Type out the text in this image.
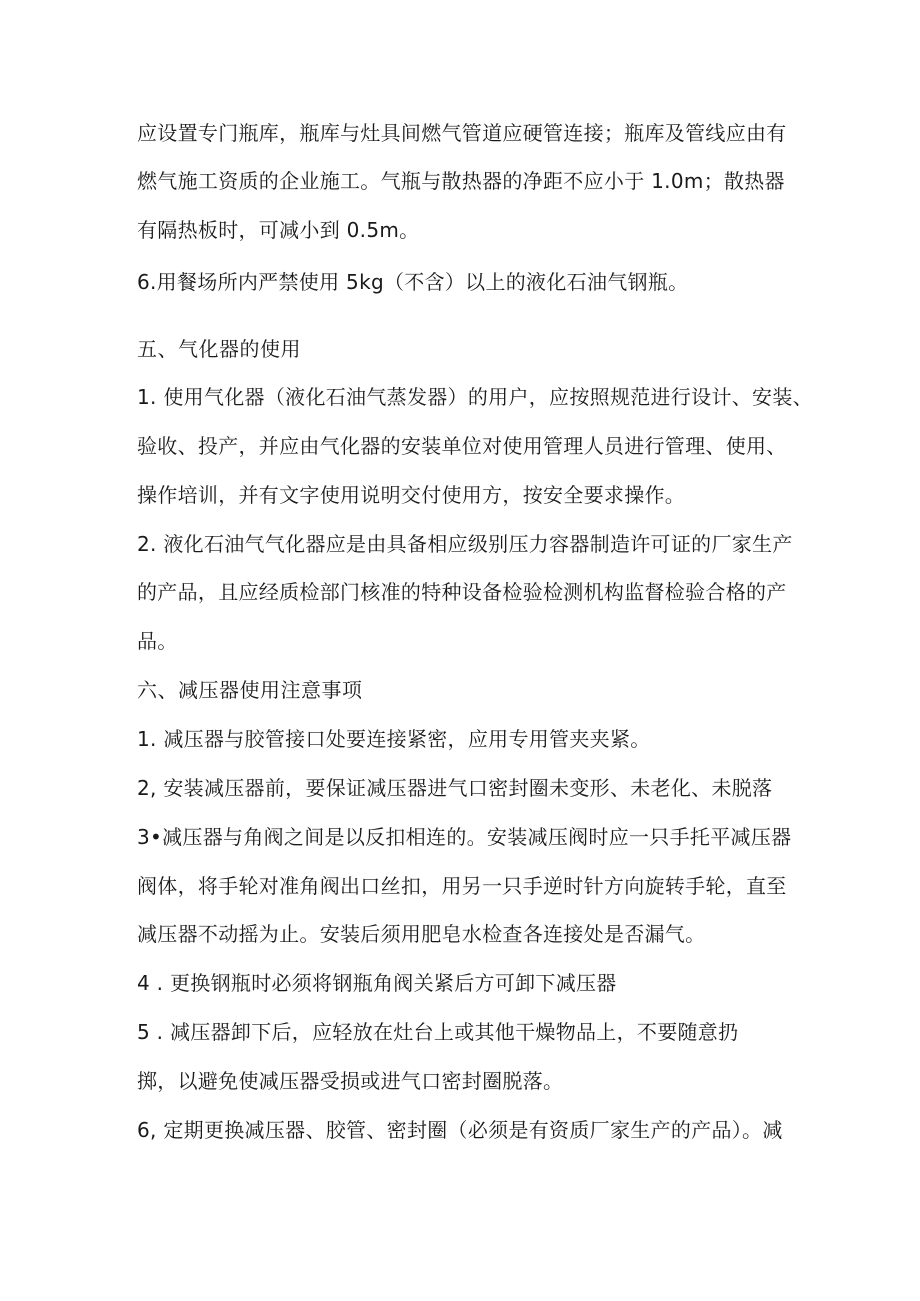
应设置专门瓶库，瓶库与灶具间燃气管道应硬管连接；瓶库及管线应由有
燃气施工资质的企业施工。气瓶与散热器的净距不应小于 1.0m；散热器
有隔热板时，可减小到 0.5m。
6.用餐场所内严禁使用 5kg（不含）以上的液化石油气钢瓶。
五、气化器的使用
1. 使用气化器（液化石油气蒸发器）的用户，应按照规范进行设计、安装、
验收、投产，并应由气化器的安装单位对使用管理人员进行管理、使用、
操作培训，并有文字使用说明交付使用方，按安全要求操作。
2. 液化石油气气化器应是由具备相应级别压力容器制造许可证的厂家生产
的产品，且应经质检部门核准的特种设备检验检测机构监督检验合格的产
品。
六、减压器使用注意事项
1. 减压器与胶管接口处要连接紧密，应用专用管夹夹紧。
2, 安装减压器前，要保证减压器进气口密封圈未变形、未老化、未脱落
3•减压器与角阀之间是以反扣相连的。安装减压阀时应一只手托平减压器
阀体，将手轮对准角阀出口丝扣，用另一只手逆时针方向旋转手轮，直至
减压器不动摇为止。安装后须用肥皂水检查各连接处是否漏气。
4 . 更换钢瓶时必须将钢瓶角阀关紧后方可卸下减压器
5 . 减压器卸下后，应轻放在灶台上或其他干燥物品上，不要随意扔
掷，以避免使减压器受损或进气口密封圈脱落。
6, 定期更换减压器、胶管、密封圈（必须是有资质厂家生产的产品）。减
